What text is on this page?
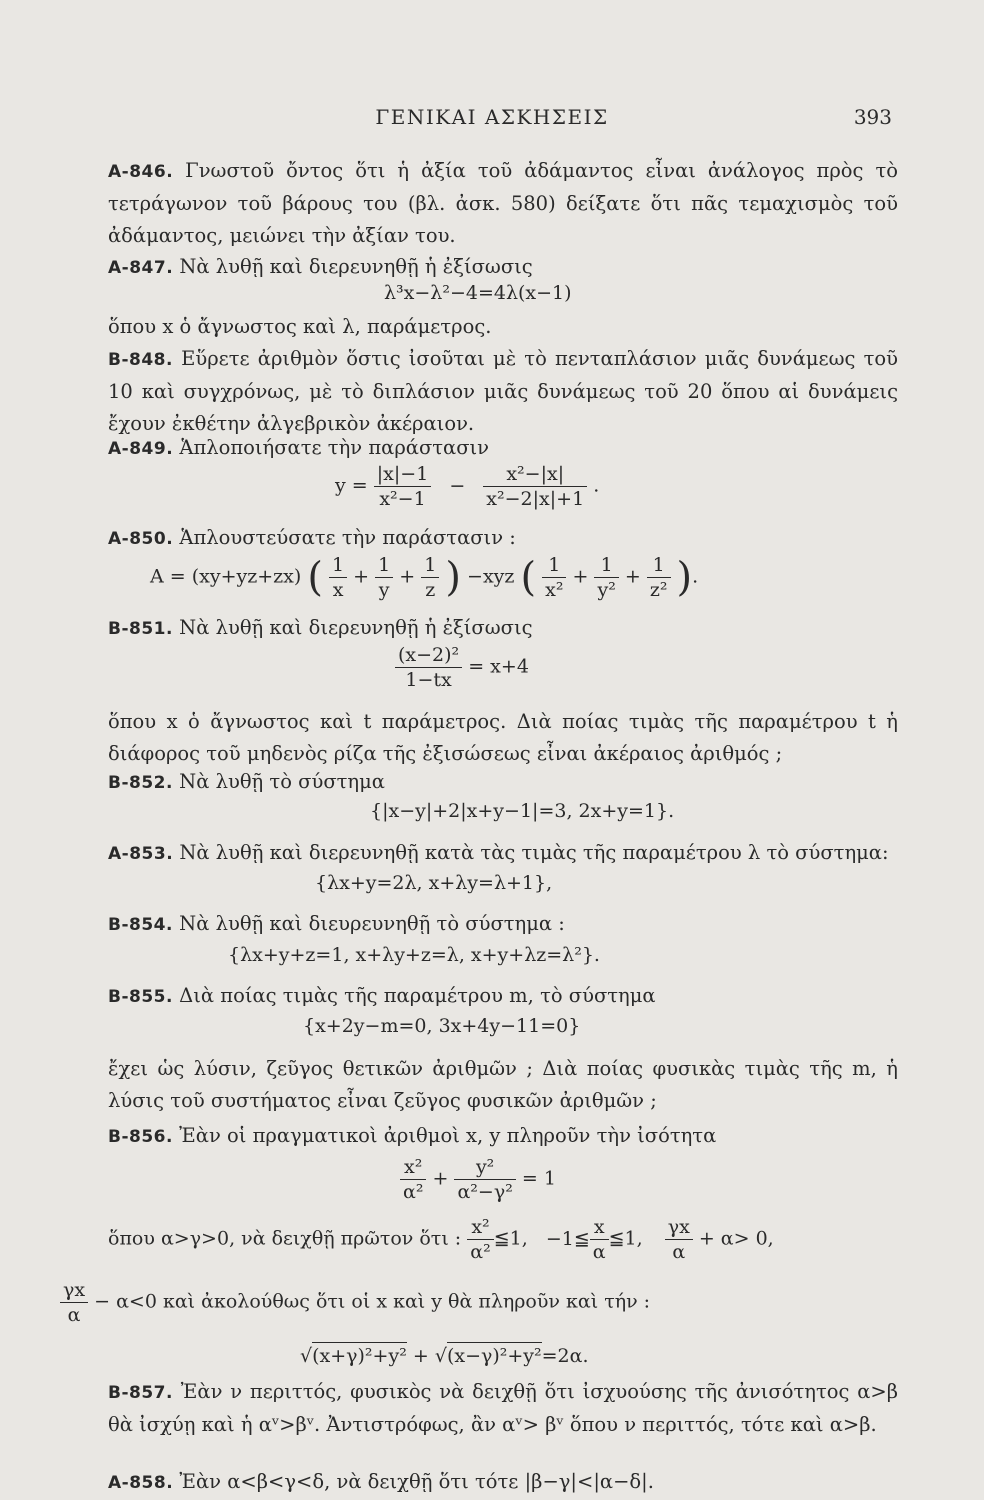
ΓΕΝΙΚΑΙ ΑΣΚΗΣΕΙΣ	393
A-846. Γνωστοῦ ὄντος ὅτι ἡ ἀξία τοῦ ἀδάμαντος εἶναι ἀνάλογος πρὸς τὸ τετράγωνον τοῦ βάρους του (βλ. ἀσκ. 580) δείξατε ὅτι πᾶς τεμαχισμὸς τοῦ ἀδάμαντος, μειώνει τὴν ἀξίαν του.
A-847. Νὰ λυθῇ καὶ διερευνηθῇ ἡ ἐξίσωσις
λ³x−λ²−4=4λ(x−1)
ὅπου x ὁ ἄγνωστος καὶ λ, παράμετρος.
B-848. Εὕρετε ἀριθμὸν ὅστις ἰσοῦται μὲ τὸ πενταπλάσιον μιᾶς δυνάμεως τοῦ 10 καὶ συγχρόνως, μὲ τὸ διπλάσιον μιᾶς δυνάμεως τοῦ 20 ὅπου αἱ δυνάμεις ἔχουν ἐκθέτην ἀλγεβρικὸν ἀκέραιον.
A-849. Ἁπλοποιήσατε τὴν παράστασιν
$y = \frac{|x|-1}{\text{x²−1}} - \frac{\text{x²−|x|}}{\text{x²−2|x|+1}}$ .
A-850. Ἁπλουστεύσατε τὴν παράστασιν :
A = (xy+yz+zx) ( $\frac{1}{x} + \frac{1}{y} + \frac{1}{z}$ ) −xyz ( $\frac{1}{\text{x²}} + \frac{1}{\text{y²}} + \frac{1}{\text{z²}}$ ).
B-851. Νὰ λυθῇ καὶ διερευνηθῇ ἡ ἐξίσωσις
$\frac{\text{(x−2)²}}{1-tx} = x+4$
ὅπου x ὁ ἄγνωστος καὶ t παράμετρος. Διὰ ποίας τιμὰς τῆς παραμέτρου t ἡ διάφορος τοῦ μηδενὸς ρίζα τῆς ἐξισώσεως εἶναι ἀκέραιος ἀριθμός ;
B-852. Νὰ λυθῇ τὸ σύστημα
{|x−y|+2|x+y−1|=3, 2x+y=1}.
A-853. Νὰ λυθῇ καὶ διερευνηθῇ κατὰ τὰς τιμὰς τῆς παραμέτρου λ τὸ σύστημα:
{λx+y=2λ, x+λy=λ+1},
B-854. Νὰ λυθῇ καὶ διευρευνηθῇ τὸ σύστημα :
{λx+y+z=1, x+λy+z=λ, x+y+λz=λ²}.
B-855. Διὰ ποίας τιμὰς τῆς παραμέτρου m, τὸ σύστημα
{x+2y−m=0, 3x+4y−11=0}
ἔχει ὡς λύσιν, ζεῦγος θετικῶν ἀριθμῶν ; Διὰ ποίας φυσικὰς τιμὰς τῆς m, ἡ λύσις τοῦ συστήματος εἶναι ζεῦγος φυσικῶν ἀριθμῶν ;
B-856. Ἐὰν οἱ πραγματικοὶ ἀριθμοὶ x, y πληροῦν τὴν ἰσότητα
$\frac{\text{x²}}{\text{α²}} + \frac{\text{y²}}{\text{α²−γ²}} = 1$
ὅπου α>γ>0, νὰ δειχθῇ πρῶτον ὅτι : $\frac{\text{x²}}{\text{α²}}$ ≦1, −1≦ $\frac{x}{\alpha}$ ≦1, $\frac{\gamma x}{\alpha} + \alpha> 0$,
$\frac{\gamma x}{\alpha} - \alpha<0$ καὶ ἀκολούθως ὅτι οἱ x καὶ y θὰ πληροῦν καὶ τήν :
√(x+γ)²+y² + √(x−γ)²+y²=2α.
B-857. Ἐὰν ν περιττός, φυσικὸς νὰ δειχθῇ ὅτι ἰσχυούσης τῆς ἀνισότητος α>β θὰ ἰσχύῃ καὶ ἡ αᵛ>βᵛ. Ἀντιστρόφως, ἂν αᵛ> βᵛ ὅπου ν περιττός, τότε καὶ α>β.
A-858. Ἐὰν α<β<γ<δ, νὰ δειχθῇ ὅτι τότε |β−γ|<|α−δ|.
